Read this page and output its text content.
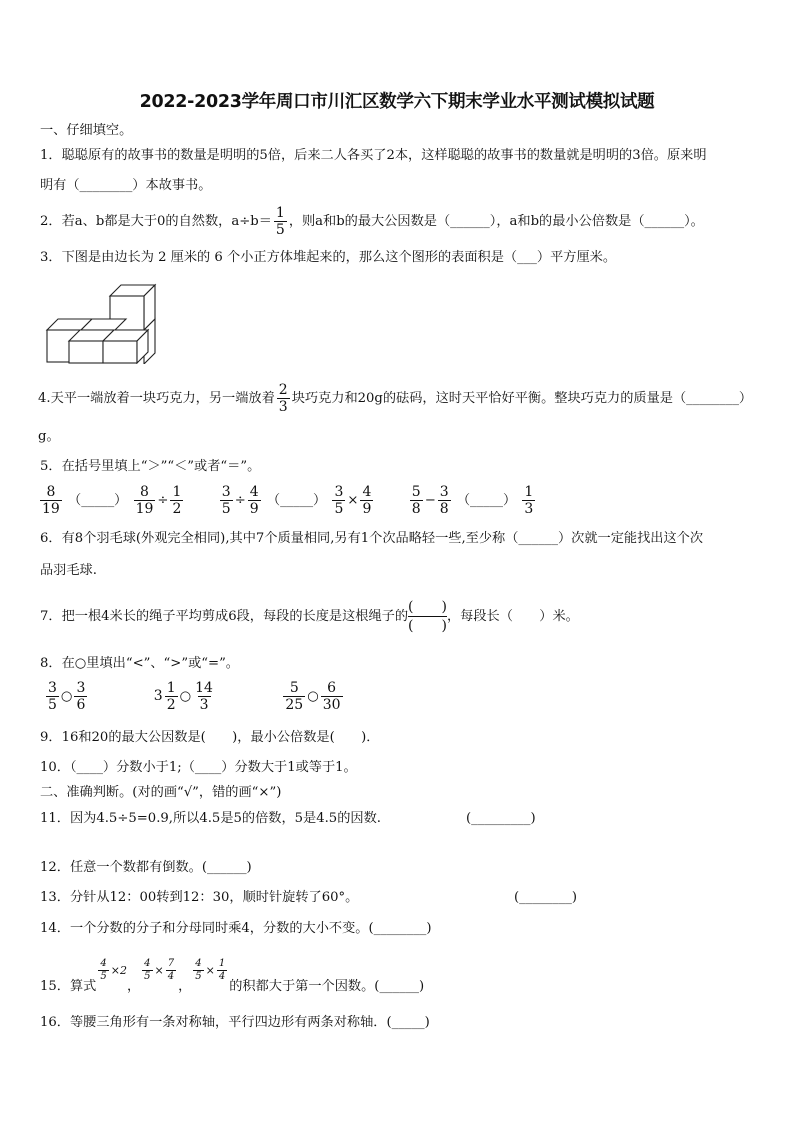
2022-2023学年周口市川汇区数学六下期末学业水平测试模拟试题
一、仔细填空。
1．聪聪原有的故事书的数量是明明的5倍，后来二人各买了2本，这样聪聪的故事书的数量就是明明的3倍。原来明
明有（________）本故事书。
2．若a、b都是大于0的自然数，$a\div b= \frac{1}{5}$ ，则a和b的最大公因数是（______），a和b的最小公倍数是（______）。
3．下图是由边长为 2 厘米的 6 个小正方体堆起来的，那么这个图形的表面积是（___）平方厘米。
4.天平一端放着一块巧克力，另一端放着 $\frac{2}{3}$ 块巧克力和20g的砝码，这时天平恰好平衡。整块巧克力的质量是（________）
g。
5．在括号里填上“＞”“＜”或者“＝”。
$\frac{8}{19}$ （_____） $\frac{8}{19} \div \frac{1}{2}$
	$\frac{3}{5} \div \frac{4}{9}$ （_____） $\frac{3}{5} \times \frac{4}{9}$
	$\frac{5}{8} - \frac{3}{8}$ （_____） $\frac{1}{3}$
6．有8个羽毛球(外观完全相同),其中7个质量相同,另有1个次品略轻一些,至少称（______）次就一定能找出这个次
品羽毛球.
7．把一根4米长的绳子平均剪成6段，每段的长度是这根绳子的
(　　)
(　　)
，每段长（　　）米。
8．在○里填出“<”、“>”或“=”。
$\frac{3}{5}$ ○ $\frac{3}{6}$	$3 \frac{1}{2}$ ○ $\frac{14}{3}$
	$\frac{5}{25}$ ○ $\frac{6}{30}$
9．16和20的最大公因数是(　　)，最小公倍数是(　　)．
10．（____）分数小于1;（____）分数大于1或等于1。
二、准确判断。(对的画“√”，错的画“×”)
11．因为4.5÷5=0.9,所以4.5是5的倍数，5是4.5的因数.	(_________)
12．任意一个数都有倒数。(______)
13．分针从12：00转到12：30，顺时针旋转了60°。	(________)
14．一个分数的分子和分母同时乘4，分数的大小不变。(________)
15．算式
$\frac{4}{5} \times 2$，
$\frac{4}{5} \times \frac{7}{4}$
，
$\frac{4}{5} \times \frac{1}{4}$
的积都大于第一个因数。(______)
16．等腰三角形有一条对称轴，平行四边形有两条对称轴．(_____)
